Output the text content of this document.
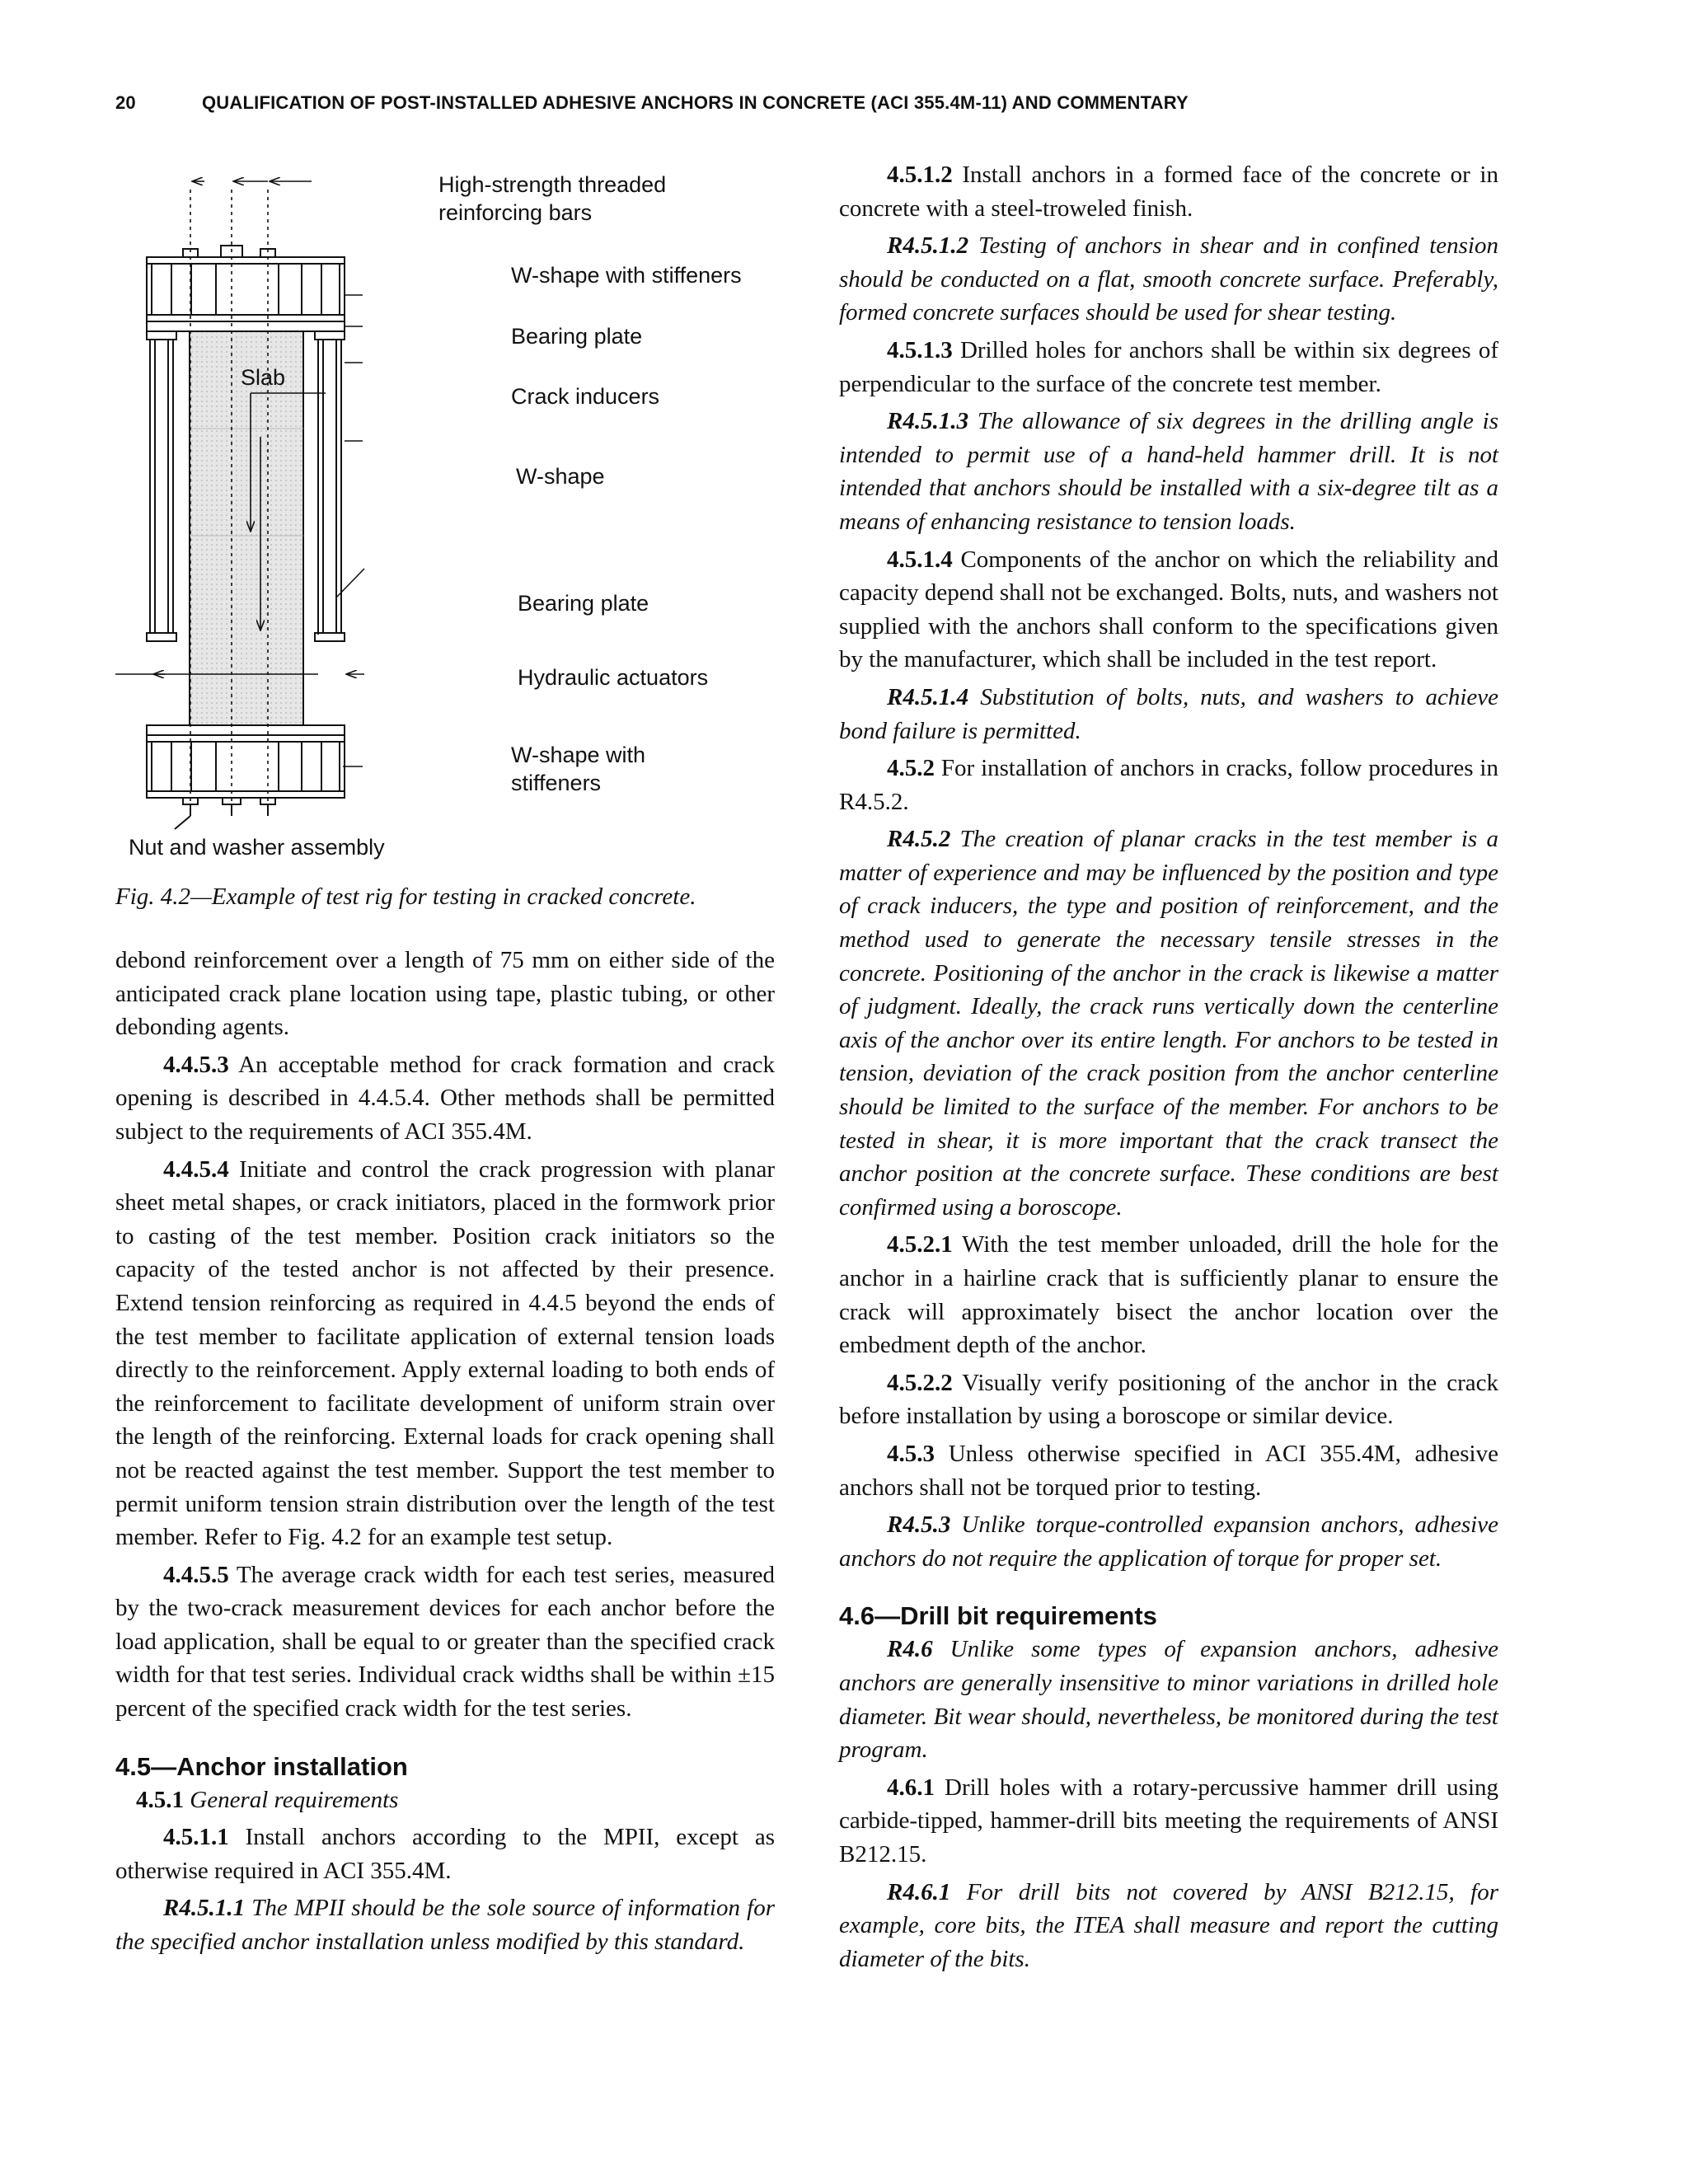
20	QUALIFICATION OF POST-INSTALLED ADHESIVE ANCHORS IN CONCRETE (ACI 355.4M-11) AND COMMENTARY
High-strength threaded
reinforcing bars
W-shape with stiffeners
Bearing plate
Slab
Crack inducers
W-shape
Bearing plate
Hydraulic actuators
W-shape with
stiffeners
Nut and washer assembly
Fig. 4.2—Example of test rig for testing in cracked concrete.

debond reinforcement over a length of 75 mm on either side of the anticipated crack plane location using tape, plastic tubing, or other debonding agents.

4.4.5.3 An acceptable method for crack formation and crack opening is described in 4.4.5.4. Other methods shall be permitted subject to the requirements of ACI 355.4M.

4.4.5.4 Initiate and control the crack progression with planar sheet metal shapes, or crack initiators, placed in the formwork prior to casting of the test member. Position crack initiators so the capacity of the tested anchor is not affected by their presence. Extend tension reinforcing as required in 4.4.5 beyond the ends of the test member to facilitate application of external tension loads directly to the reinforcement. Apply external loading to both ends of the reinforcement to facilitate development of uniform strain over the length of the reinforcing. External loads for crack opening shall not be reacted against the test member. Support the test member to permit uniform tension strain distribution over the length of the test member. Refer to Fig. 4.2 for an example test setup.

4.4.5.5 The average crack width for each test series, measured by the two-crack measurement devices for each anchor before the load application, shall be equal to or greater than the specified crack width for that test series. Individual crack widths shall be within ±15 percent of the specified crack width for the test series.

4.5—Anchor installation

4.5.1 General requirements

4.5.1.1 Install anchors according to the MPII, except as otherwise required in ACI 355.4M.

R4.5.1.1 The MPII should be the sole source of information for the specified anchor installation unless modified by this standard.

4.5.1.2 Install anchors in a formed face of the concrete or in concrete with a steel-troweled finish.

R4.5.1.2 Testing of anchors in shear and in confined tension should be conducted on a flat, smooth concrete surface. Preferably, formed concrete surfaces should be used for shear testing.

4.5.1.3 Drilled holes for anchors shall be within six degrees of perpendicular to the surface of the concrete test member.

R4.5.1.3 The allowance of six degrees in the drilling angle is intended to permit use of a hand-held hammer drill. It is not intended that anchors should be installed with a six-degree tilt as a means of enhancing resistance to tension loads.

4.5.1.4 Components of the anchor on which the reliability and capacity depend shall not be exchanged. Bolts, nuts, and washers not supplied with the anchors shall conform to the specifications given by the manufacturer, which shall be included in the test report.

R4.5.1.4 Substitution of bolts, nuts, and washers to achieve bond failure is permitted.

4.5.2 For installation of anchors in cracks, follow procedures in R4.5.2.

R4.5.2 The creation of planar cracks in the test member is a matter of experience and may be influenced by the position and type of crack inducers, the type and position of reinforcement, and the method used to generate the necessary tensile stresses in the concrete. Positioning of the anchor in the crack is likewise a matter of judgment. Ideally, the crack runs vertically down the centerline axis of the anchor over its entire length. For anchors to be tested in tension, deviation of the crack position from the anchor centerline should be limited to the surface of the member. For anchors to be tested in shear, it is more important that the crack transect the anchor position at the concrete surface. These conditions are best confirmed using a boroscope.

4.5.2.1 With the test member unloaded, drill the hole for the anchor in a hairline crack that is sufficiently planar to ensure the crack will approximately bisect the anchor location over the embedment depth of the anchor.

4.5.2.2 Visually verify positioning of the anchor in the crack before installation by using a boroscope or similar device.

4.5.3 Unless otherwise specified in ACI 355.4M, adhesive anchors shall not be torqued prior to testing.

R4.5.3 Unlike torque-controlled expansion anchors, adhesive anchors do not require the application of torque for proper set.

4.6—Drill bit requirements

R4.6 Unlike some types of expansion anchors, adhesive anchors are generally insensitive to minor variations in drilled hole diameter. Bit wear should, nevertheless, be monitored during the test program.

4.6.1 Drill holes with a rotary-percussive hammer drill using carbide-tipped, hammer-drill bits meeting the requirements of ANSI B212.15.

R4.6.1 For drill bits not covered by ANSI B212.15, for example, core bits, the ITEA shall measure and report the cutting diameter of the bits.
